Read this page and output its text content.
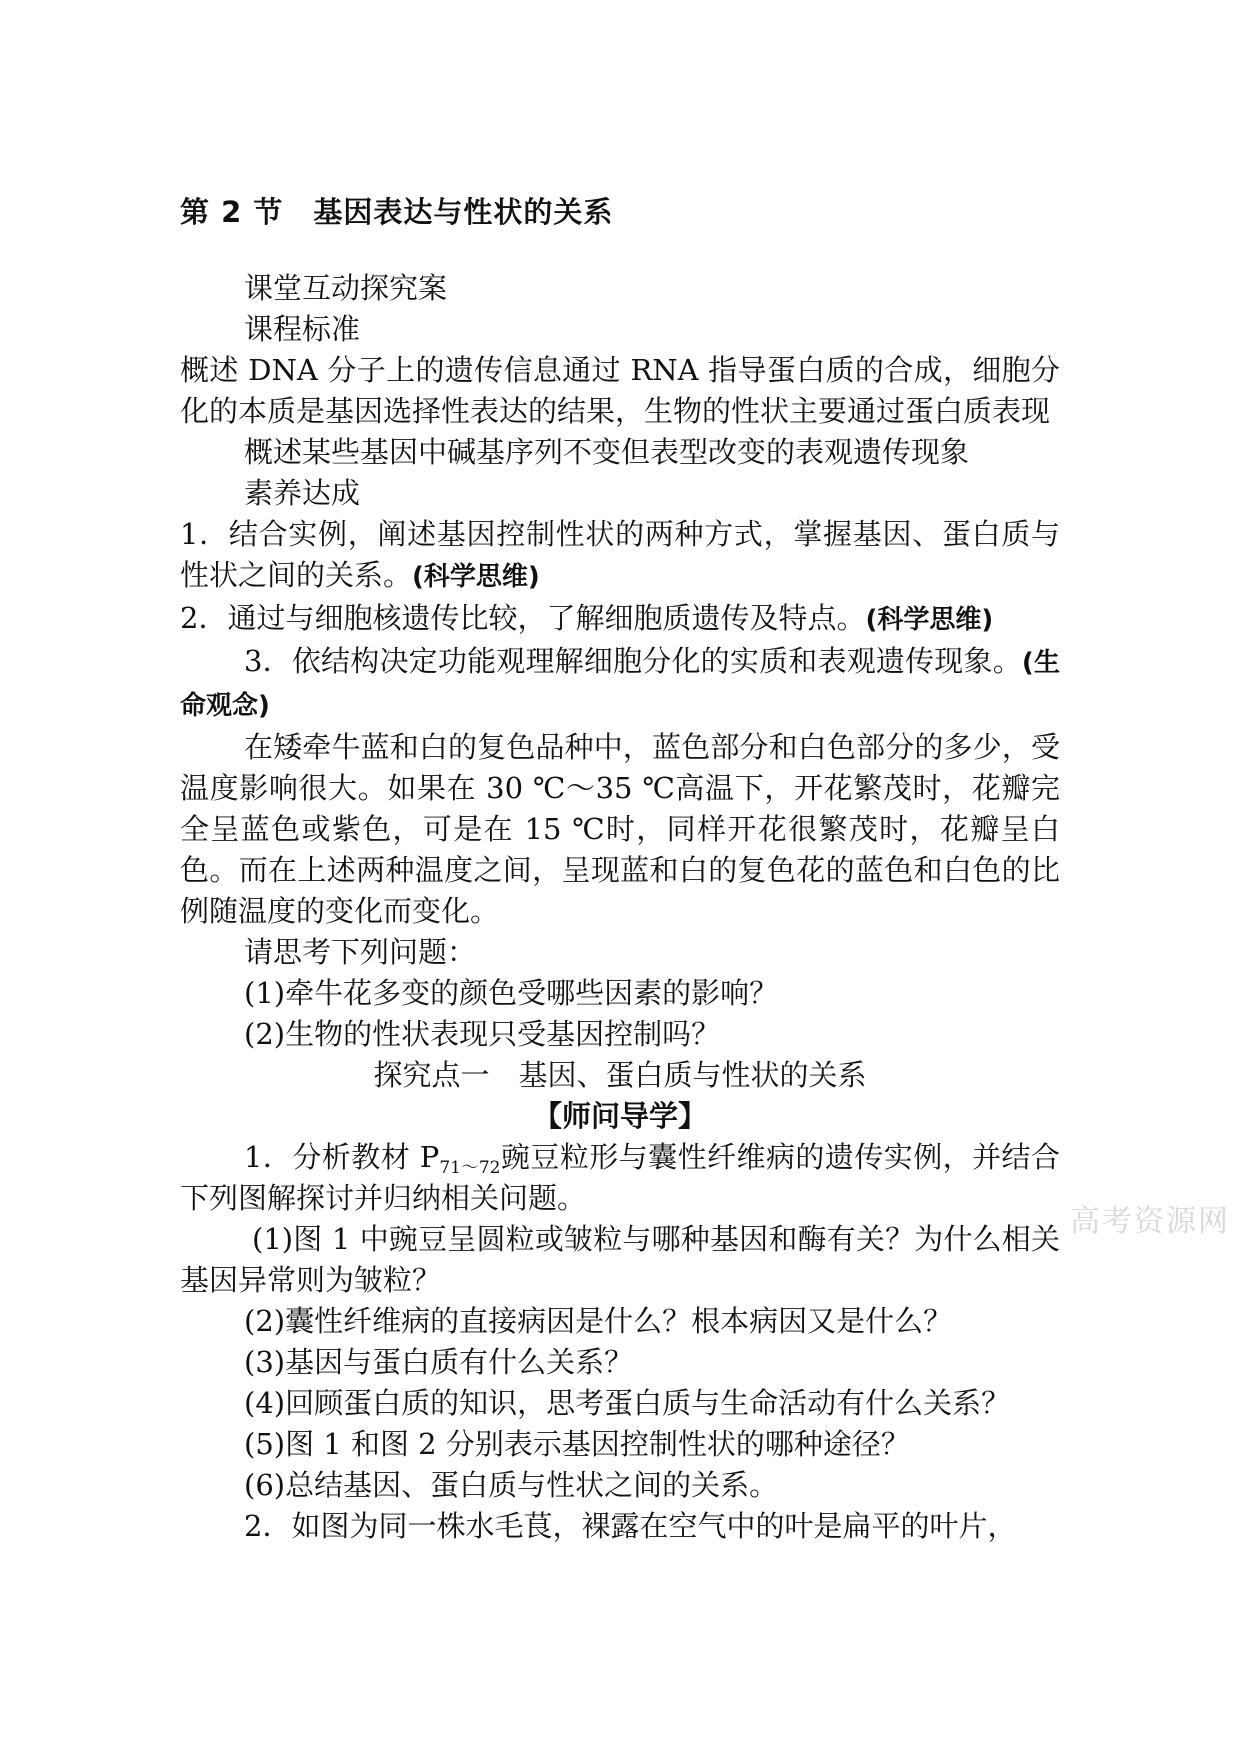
第 2 节　基因表达与性状的关系

课堂互动探究案

课程标准

概述 DNA 分子上的遗传信息通过 RNA 指导蛋白质的合成，细胞分化的本质是基因选择性表达的结果，生物的性状主要通过蛋白质表现

概述某些基因中碱基序列不变但表型改变的表观遗传现象

素养达成

1．结合实例，阐述基因控制性状的两种方式，掌握基因、蛋白质与性状之间的关系。(科学思维)

2．通过与细胞核遗传比较，了解细胞质遗传及特点。(科学思维)

3．依结构决定功能观理解细胞分化的实质和表观遗传现象。(生命观念)

在矮牵牛蓝和白的复色品种中，蓝色部分和白色部分的多少，受温度影响很大。如果在 30 ℃～35 ℃高温下，开花繁茂时，花瓣完全呈蓝色或紫色，可是在 15 ℃时，同样开花很繁茂时，花瓣呈白色。而在上述两种温度之间，呈现蓝和白的复色花的蓝色和白色的比例随温度的变化而变化。

请思考下列问题：

(1)牵牛花多变的颜色受哪些因素的影响？

(2)生物的性状表现只受基因控制吗？

探究点一　基因、蛋白质与性状的关系

【师问导学】

1．分析教材 $P_{71\sim 72}$豌豆粒形与囊性纤维病的遗传实例，并结合下列图解探讨并归纳相关问题。

(1)图 1 中豌豆呈圆粒或皱粒与哪种基因和酶有关？为什么相关基因异常则为皱粒？

(2)囊性纤维病的直接病因是什么？根本病因又是什么？

(3)基因与蛋白质有什么关系？

(4)回顾蛋白质的知识，思考蛋白质与生命活动有什么关系？

(5)图 1 和图 2 分别表示基因控制性状的哪种途径？

(6)总结基因、蛋白质与性状之间的关系。

2．如图为同一株水毛茛，裸露在空气中的叶是扁平的叶片，

高考资源网
